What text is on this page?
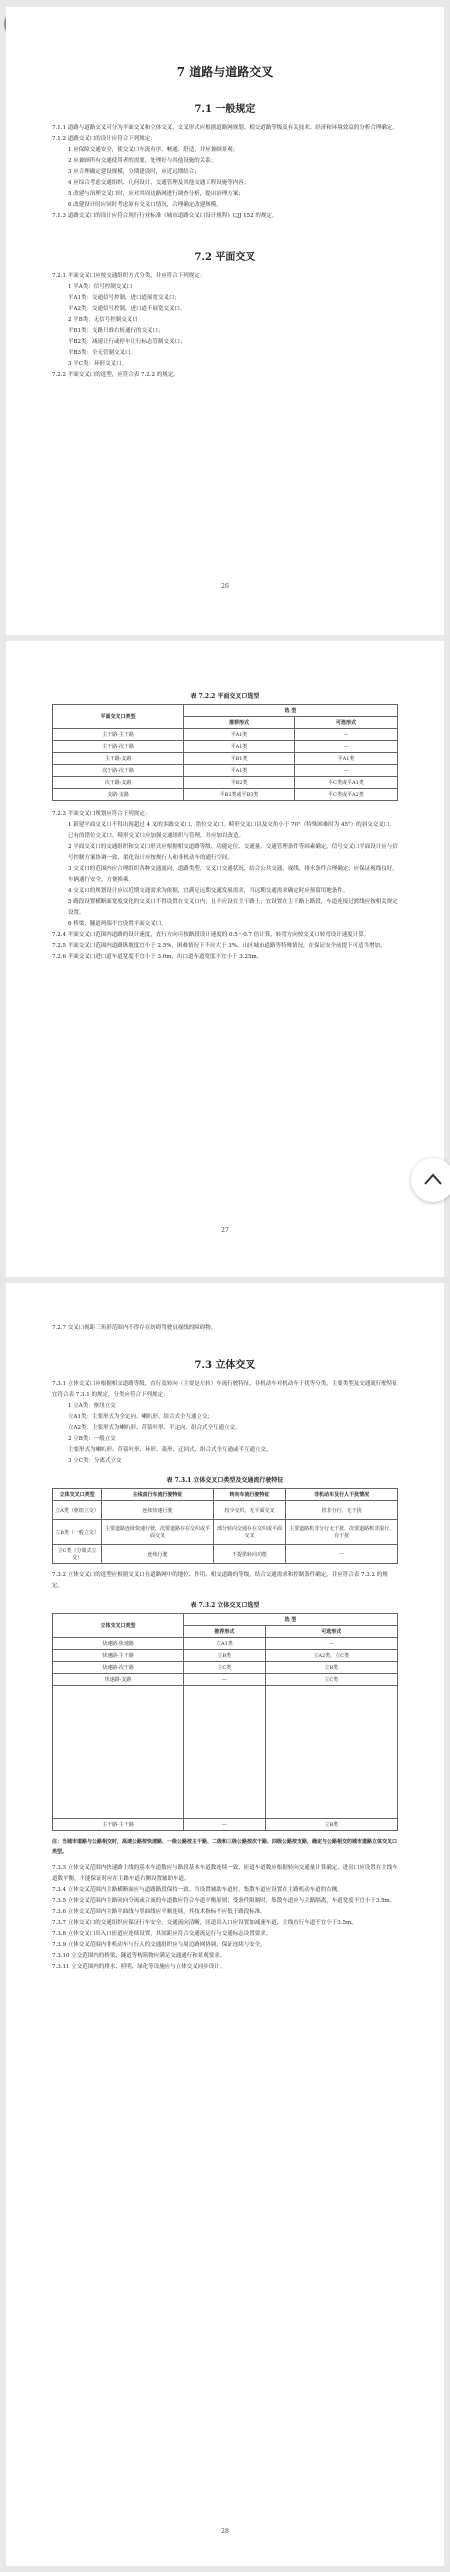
7 道路与道路交叉
7.1 一般规定

7.1.1 道路与道路交叉可分为平面交叉和立体交叉，交叉形式应根据道路网规划、相交道路等级及有关技术、经济和环境效益的分析合理确定。

7.1.2 道路交叉口的设计应符合下列规定：

1 应保障交通安全，使交叉口车流有序、畅通、舒适，并应兼顾景观；

2 应兼顾所有交通使用者的需要，处理好与其他设施的关系；

3 应合理确定建设规模，分期建设时，应近远期结合；

4 应综合考虑交通组织、几何设计、交通管理及其他交通工程设施等内容；

5 改建与治理交叉口时，应对其周边路网进行调查分析，提出治理方案；

6 改建设计时应同时考虑原有交叉口情况，合理确定改建规模。

7.1.3 道路交叉口的设计应符合现行行业标准《城市道路交叉口设计规程》CJJ 152 的规定。

7.2 平面交叉

7.2.1 平面交叉口应按交通组织方式分类，并应符合下列规定：

1 平A类：信号控制交叉口

平A1类：交通信号控制，进口道展宽交叉口；

平A2类：交通信号控制，进口道不展宽交叉口。

2 平B类：无信号控制交叉口

平B1类：支路只准右转通行的交叉口；

平B2类：减速让行或停车让行标志管制交叉口；

平B3类：全无管制交叉口。

3 平C类：环形交叉口。

7.2.2 平面交叉口的选型，应符合表 7.2.2 的规定。

26

表 7.2.2 平面交叉口选型

平面交叉口类型	选 型	
	推荐形式	可选形式
主干路-主干路	平A1类	—
主干路-次干路	平A1类	—
主干路-支路	平B1类	平A1类
次干路-次干路	平A1类	—
次干路-支路	平B2类	平C类或平A1类
支路-支路	平B2类或平B3类	平C类或平A2类

7.2.3 平面交叉口规划应符合下列规定：

1 新建平面交叉口不得出现超过 4 叉的多路交叉口、错位交叉口、畸形交叉口以及交角小于 70°（特殊困难时为 45°）的斜交交叉口。已有的错位交叉口、畸形交叉口应加强交通组织与管理，并应加以改造。

2 平面交叉口的交通组织和交叉口形式应根据相交道路等级、功能定位、交通量、交通管理条件等因素确定，信号交叉口平面设计应与信号控制方案协调一致，渠化设计应按规行人和非机动车的通行空间。

3 交叉口的范围内应合理组织各种交通流向，道路类型、交叉口交通状况、结合公共交通、视线、排水条件合理确定，应保证视线良好，车辆通行安全，方便换乘。

4 交叉口的规划设计应以近期交通需求为依据，宜满足远期交通发展需求，当远期交通需求确定时应预留用地条件。

5 路段设置横断面宽度变化的交叉口不得设置在交叉口内；且不应设在主干路上；宜设置在主干路上路段，车道连接过渡线应按相关规定设置。

6 桥梁、隧道两端不宜设置平面交叉口。

7.2.4 平面交叉口范围内道路的设计速度，直行方向可按路段设计速度的 0.5～0.7 倍计算，转弯方向按交叉口转弯设计速度计算。

7.2.5 平面交叉口范围内道路纵坡度宜小于 2.5%，困难情况下不应大于 3%，山区城市道路等特殊情况，在保证安全前提下可适当增加。

7.2.6 平面交叉口进口道车道宽度不宜小于 3.0m，出口道车道宽度不宜小于 3.25m。

27

7.2.7 交叉口视距三角形范围内不得存在妨碍驾驶员视线的障碍物。

7.3 立体交叉

7.3.1 立体交叉口应根据相交道路等级、直行及转向（主要是左转）车流行驶特征、非机动车对机动车干扰等分类，主要类型及交通流行驶特征宜符合表 7.3.1 的规定，分类应符合下列规定：

1 立A类：枢纽立交

立A1类：主要形式为全定向、喇叭形、组合式全互通立交；

立A2类：主要形式为喇叭形、苜蓿叶形、半定向、组合式全互通立交。

2 立B类：一般立交

主要形式为喇叭形、苜蓿叶形、环形、菱形、迂回式、组合式全互通或半互通立交。

3 立C类：分离式立交

表 7.3.1 立体交叉口类型及交通流行驶特征

立体交叉口类型	主线直行车流行驶特征	转向车流行驶特征	非机动车及行人干扰情况
立A类（枢纽立交）	连续快速行驶	较少交织、无平面交叉	机非分行，无干扰
立B类（一般立交）	主要道路连续快速行驶，次要道路存在交织或平面交叉	部分转向交通存在交织或平面交叉	主要道路机非分行无干扰，次要道路机非混行、有干扰
立C类（分离式立交）	连续行驶	不提供转向功能	—

7.3.2 立体交叉口的选型应根据交叉口在道路网中的地位、作用、相交道路的等级，结合交通需求和控制条件确定，并应符合表 7.3.2 的规定。

表 7.3.2 立体交叉口选型

立体交叉口类型	选 型	
	推荐形式	可选形式
快速路-快速路	立A1类	—
快速路-主干路	立B类	立A2类、立C类
快速路-次干路	立C类	立B类
快速路-支路	—	立C类

主干路-主干路	—	立B类

注：当城市道路与公路相交时，高速公路按快速路、一级公路按主干路、二级和三级公路按次干路、四级公路按支路，确定与公路相交的城市道路立体交叉口类型。

7.3.3 立体交叉范围内快速路主线的基本车道数应与路段基本车道数连续一致，匝道车道数应根据转向交通量计算确定，进出口应设置在主线车道数平衡，不能保证时应在主路车道右侧设置辅助车道。

7.3.4 立体交叉范围内主路横断面应与道路路段保持一致。当设置辅助车道时，集散车道应设置在主路机动车道的右侧。

7.3.5 立体交叉范围内主路同向分流或合流的车道数应符合车道平衡原则；受条件限制时，集散车道应与主路隔离，车道宽度不宜小于3.5m。

7.3.6 立体交叉范围内主路平曲线与竖曲线应平顺连续，其技术指标不应低于路段标准。

7.3.7 立体交叉口的交通组织应保证行车安全，交通流向清晰，匝道出入口应设置加减速车道，主线直行车道不宜小于3.5m。

7.3.8 立体交叉口出入口匝道应连续设置，其间距应符合交通流运行与交通标志设置要求。

7.3.9 立体交叉范围内非机动车与行人的交通组织应与周边路网协调，保证连续与安全。

7.3.10 立交范围内的桥梁、隧道等构筑物应满足交通通行和景观要求。

7.3.11 立交范围内的排水、照明、绿化等设施应与立体交叉同步设计。

28
